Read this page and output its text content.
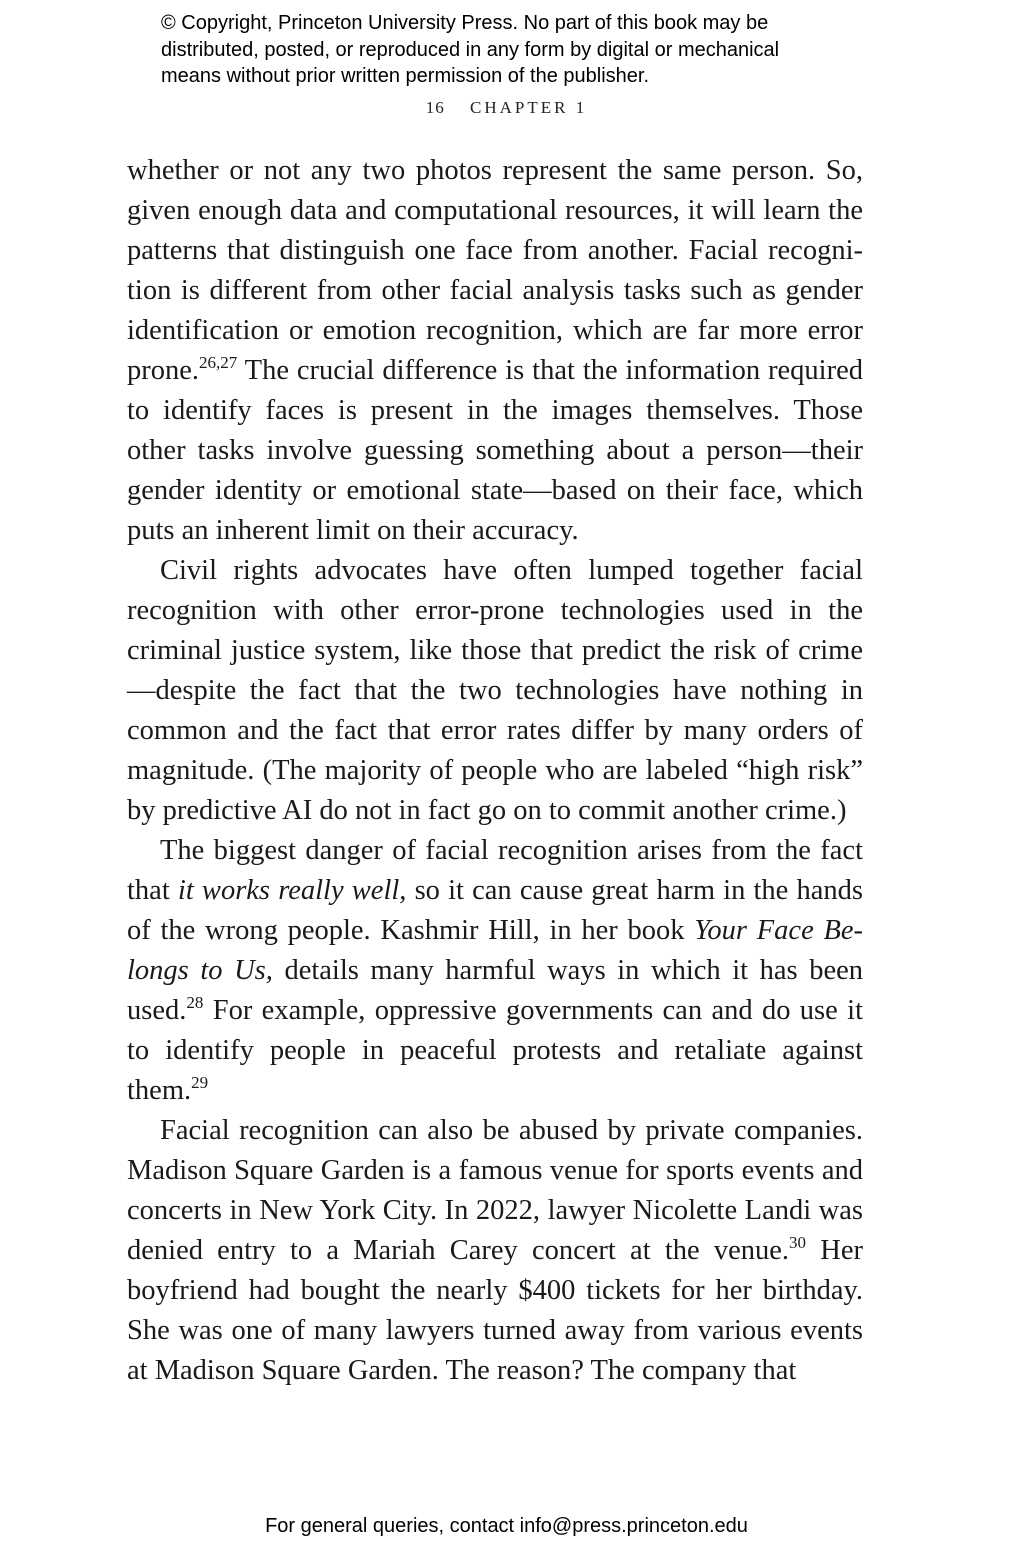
© Copyright, Princeton University Press. No part of this book may be
distributed, posted, or reproduced in any form by digital or mechanical
means without prior written permission of the publisher.
16 CHAPTER 1

whether or not any two photos represent the same person. So, given enough data and computational resources, it will learn the patterns that distinguish one face from another. Facial recognition is different from other facial analysis tasks such as gender identification or emotion recognition, which are far more error prone.$^{26,27}$ The crucial difference is that the information required to identify faces is present in the images themselves. Those other tasks involve guessing something about a person—their gender identity or emotional state—based on their face, which puts an inherent limit on their accuracy.

Civil rights advocates have often lumped together facial recognition with other error-prone technologies used in the criminal justice system, like those that predict the risk of crime—despite the fact that the two technologies have nothing in common and the fact that error rates differ by many orders of magnitude. (The majority of people who are labeled “high risk” by predictive AI do not in fact go on to commit another crime.)

The biggest danger of facial recognition arises from the fact that it works really well, so it can cause great harm in the hands of the wrong people. Kashmir Hill, in her book Your Face Belongs to Us, details many harmful ways in which it has been used.$^{28}$ For example, oppressive governments can and do use it to identify people in peaceful protests and retaliate against them.$^{29}$

Facial recognition can also be abused by private companies. Madison Square Garden is a famous venue for sports events and concerts in New York City. In 2022, lawyer Nicolette Landi was denied entry to a Mariah Carey concert at the venue.$^{30}$ Her boyfriend had bought the nearly $400 tickets for her birthday. She was one of many lawyers turned away from various events at Madison Square Garden. The reason? The company that

For general queries, contact info@press.princeton.edu
